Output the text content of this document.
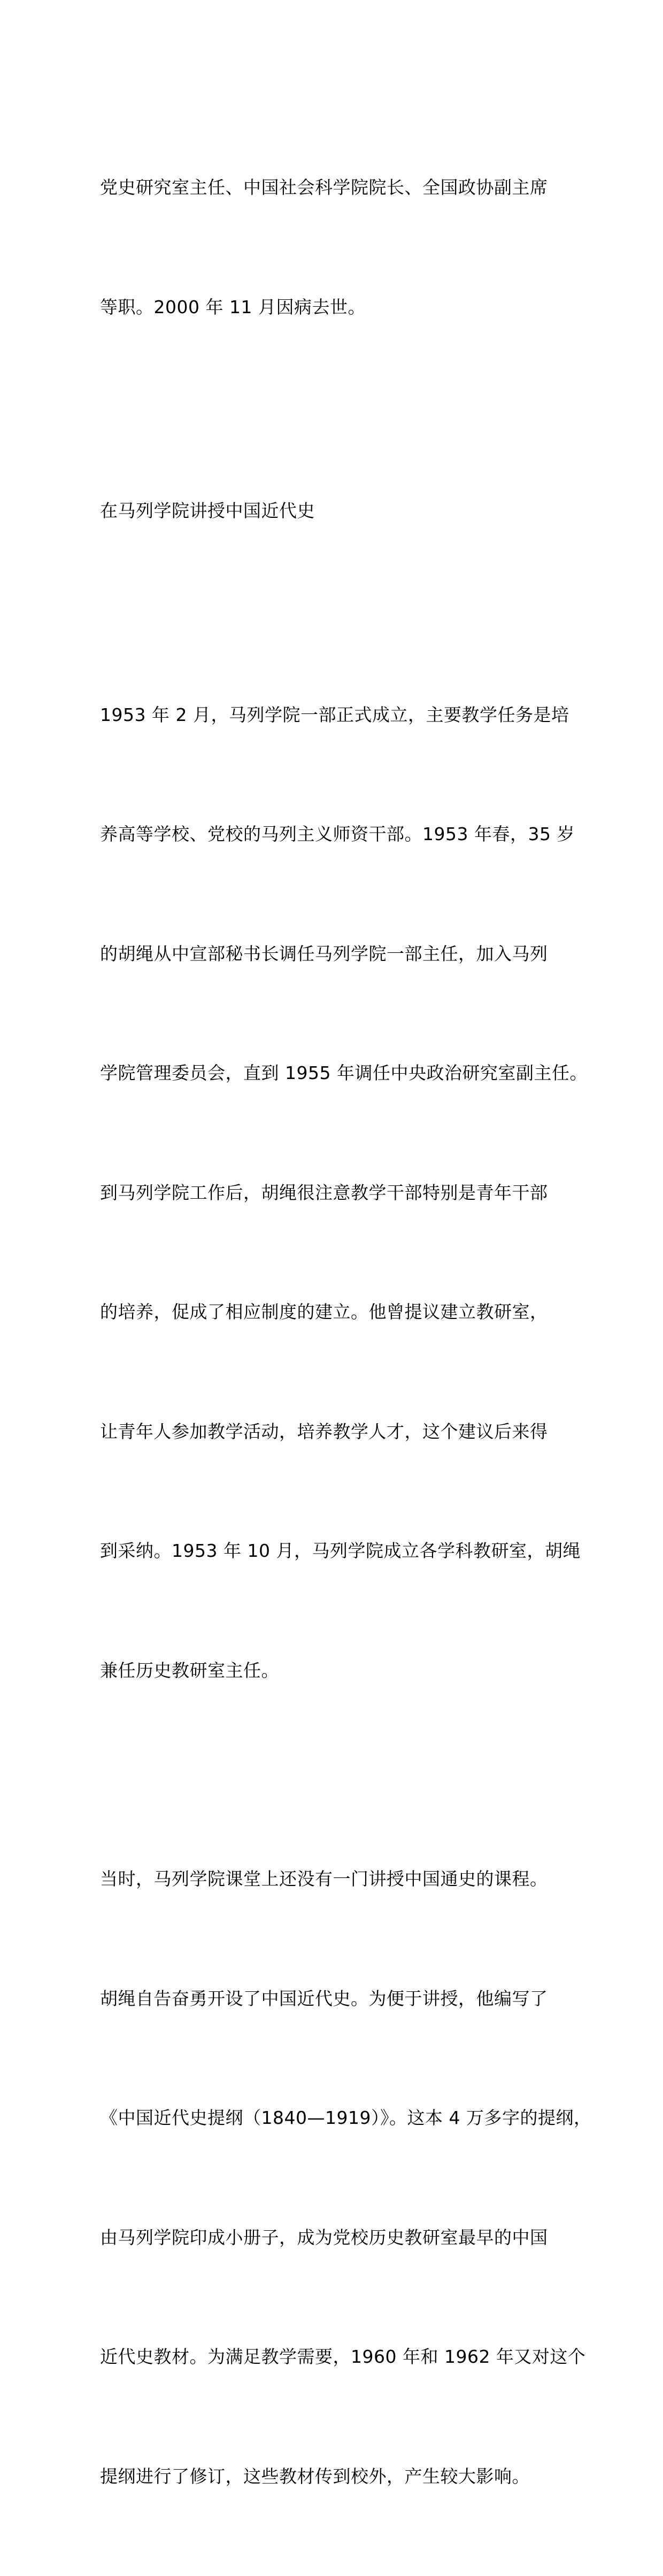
党史研究室主任、中国社会科学院院长、全国政协副主席

等职。2000 年 11 月因病去世。

在马列学院讲授中国近代史

1953 年 2 月，马列学院一部正式成立，主要教学任务是培

养高等学校、党校的马列主义师资干部。1953 年春，35 岁

的胡绳从中宣部秘书长调任马列学院一部主任，加入马列

学院管理委员会，直到 1955 年调任中央政治研究室副主任。

到马列学院工作后，胡绳很注意教学干部特别是青年干部

的培养，促成了相应制度的建立。他曾提议建立教研室，

让青年人参加教学活动，培养教学人才，这个建议后来得

到采纳。1953 年 10 月，马列学院成立各学科教研室，胡绳

兼任历史教研室主任。

当时，马列学院课堂上还没有一门讲授中国通史的课程。

胡绳自告奋勇开设了中国近代史。为便于讲授，他编写了

《中国近代史提纲（1840—1919）》。这本 4 万多字的提纲，

由马列学院印成小册子，成为党校历史教研室最早的中国

近代史教材。为满足教学需要，1960 年和 1962 年又对这个

提纲进行了修订，这些教材传到校外，产生较大影响。
